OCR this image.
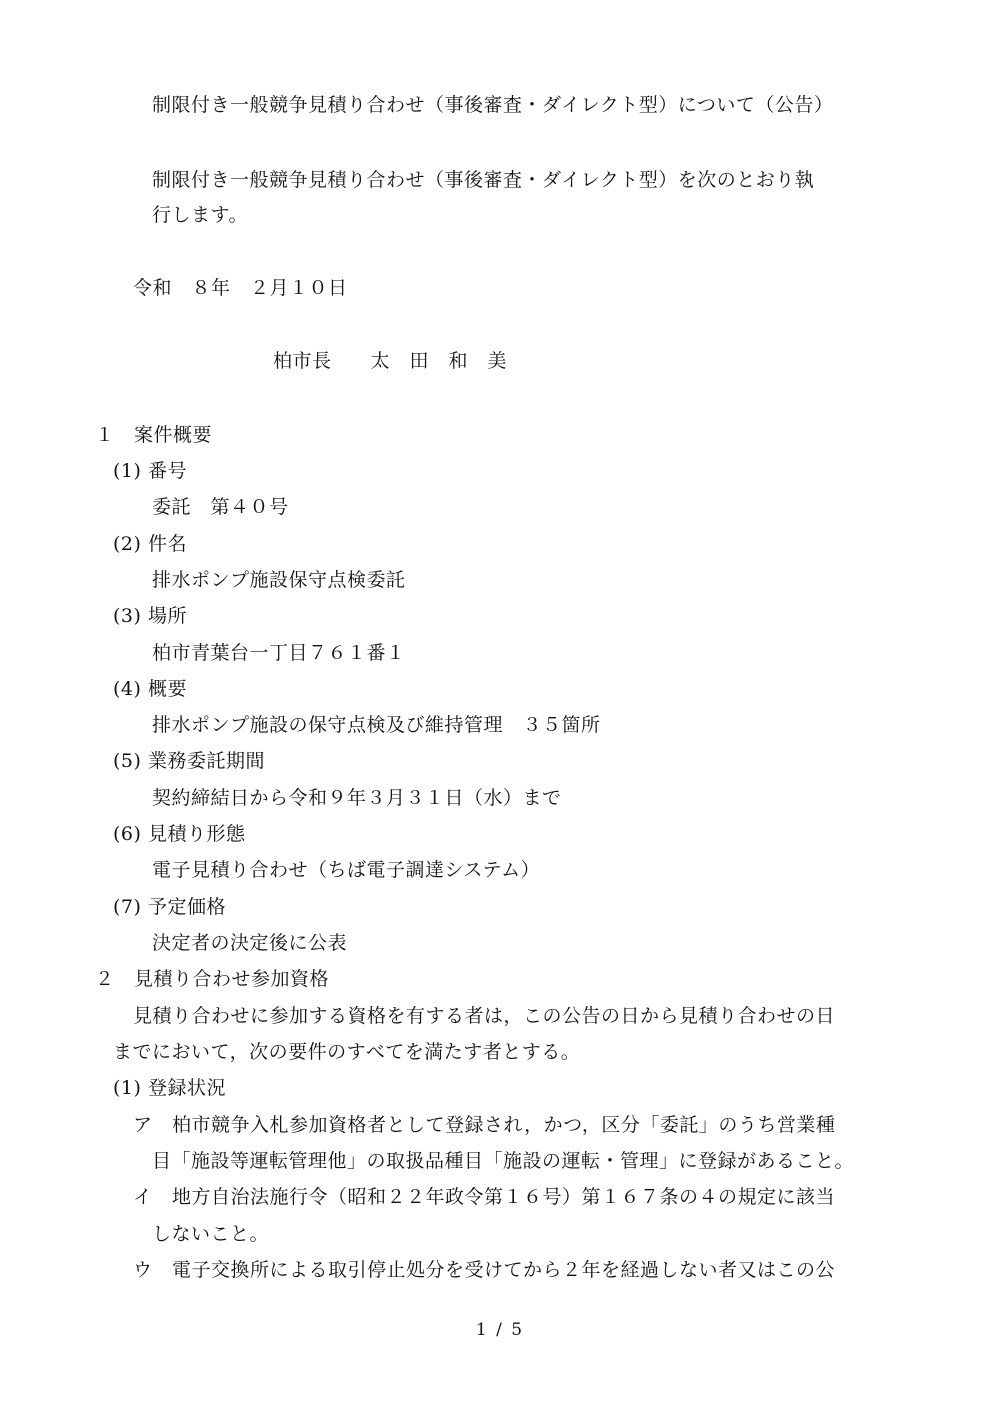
制限付き一般競争見積り合わせ（事後審査・ダイレクト型）について（公告）

制限付き一般競争見積り合わせ（事後審査・ダイレクト型）を次のとおり執

行します。

令和　８年　２月１０日

柏市長　　太　田　和　美

１　案件概要

(1) 番号

委託　第４０号

(2) 件名

排水ポンプ施設保守点検委託

(3) 場所

柏市青葉台一丁目７６１番１

(4) 概要

排水ポンプ施設の保守点検及び維持管理　３５箇所

(5) 業務委託期間

契約締結日から令和９年３月３１日（水）まで

(6) 見積り形態

電子見積り合わせ（ちば電子調達システム）

(7) 予定価格

決定者の決定後に公表

２　見積り合わせ参加資格

見積り合わせに参加する資格を有する者は，この公告の日から見積り合わせの日

までにおいて，次の要件のすべてを満たす者とする。

(1) 登録状況

ア　柏市競争入札参加資格者として登録され，かつ，区分「委託」のうち営業種

目「施設等運転管理他」の取扱品種目「施設の運転・管理」に登録があること。

イ　地方自治法施行令（昭和２２年政令第１６号）第１６７条の４の規定に該当

しないこと。

ウ　電子交換所による取引停止処分を受けてから２年を経過しない者又はこの公

1 / 5
